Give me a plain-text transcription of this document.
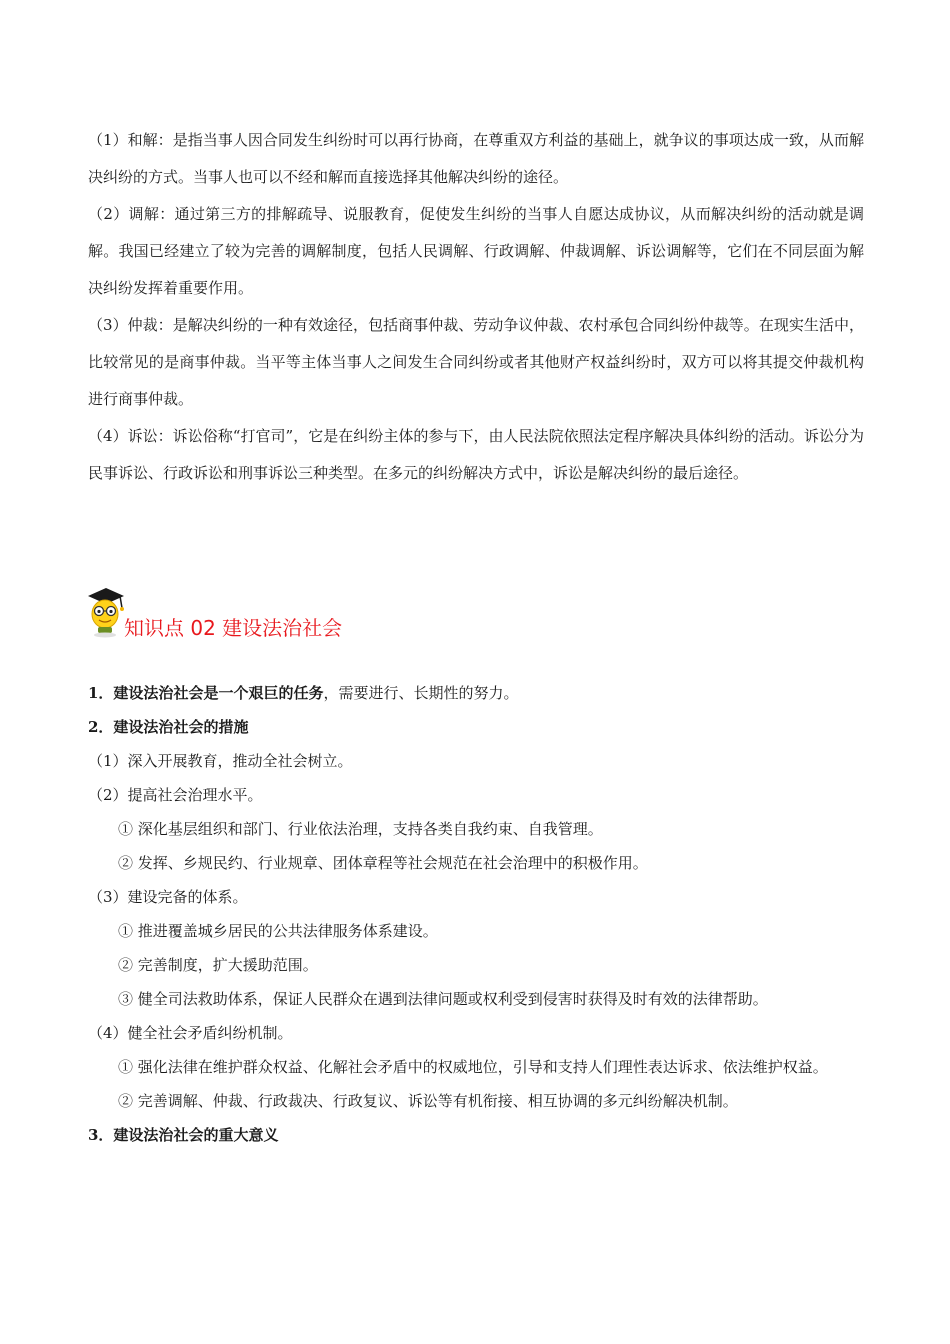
（1）和解：是指当事人因合同发生纠纷时可以再行协商，在尊重双方利益的基础上，就争议的事项达成一致，从而解决纠纷的方式。当事人也可以不经和解而直接选择其他解决纠纷的途径。

（2）调解：通过第三方的排解疏导、说服教育，促使发生纠纷的当事人自愿达成协议，从而解决纠纷的活动就是调解。我国已经建立了较为完善的调解制度，包括人民调解、行政调解、仲裁调解、诉讼调解等，它们在不同层面为解决纠纷发挥着重要作用。

（3）仲裁：是解决纠纷的一种有效途径，包括商事仲裁、劳动争议仲裁、农村承包合同纠纷仲裁等。在现实生活中，比较常见的是商事仲裁。当平等主体当事人之间发生合同纠纷或者其他财产权益纠纷时，双方可以将其提交仲裁机构进行商事仲裁。

（4）诉讼：诉讼俗称“打官司”，它是在纠纷主体的参与下，由人民法院依照法定程序解决具体纠纷的活动。诉讼分为民事诉讼、行政诉讼和刑事诉讼三种类型。在多元的纠纷解决方式中，诉讼是解决纠纷的最后途径。

知识点 02 建设法治社会

1．建设法治社会是一个艰巨的任务，需要进行、长期性的努力。

2．建设法治社会的措施

（1）深入开展教育，推动全社会树立。

（2）提高社会治理水平。

① 深化基层组织和部门、行业依法治理，支持各类自我约束、自我管理。

② 发挥、乡规民约、行业规章、团体章程等社会规范在社会治理中的积极作用。

（3）建设完备的体系。

① 推进覆盖城乡居民的公共法律服务体系建设。

② 完善制度，扩大援助范围。

③ 健全司法救助体系，保证人民群众在遇到法律问题或权利受到侵害时获得及时有效的法律帮助。

（4）健全社会矛盾纠纷机制。

① 强化法律在维护群众权益、化解社会矛盾中的权威地位，引导和支持人们理性表达诉求、依法维护权益。

② 完善调解、仲裁、行政裁决、行政复议、诉讼等有机衔接、相互协调的多元纠纷解决机制。

3．建设法治社会的重大意义
